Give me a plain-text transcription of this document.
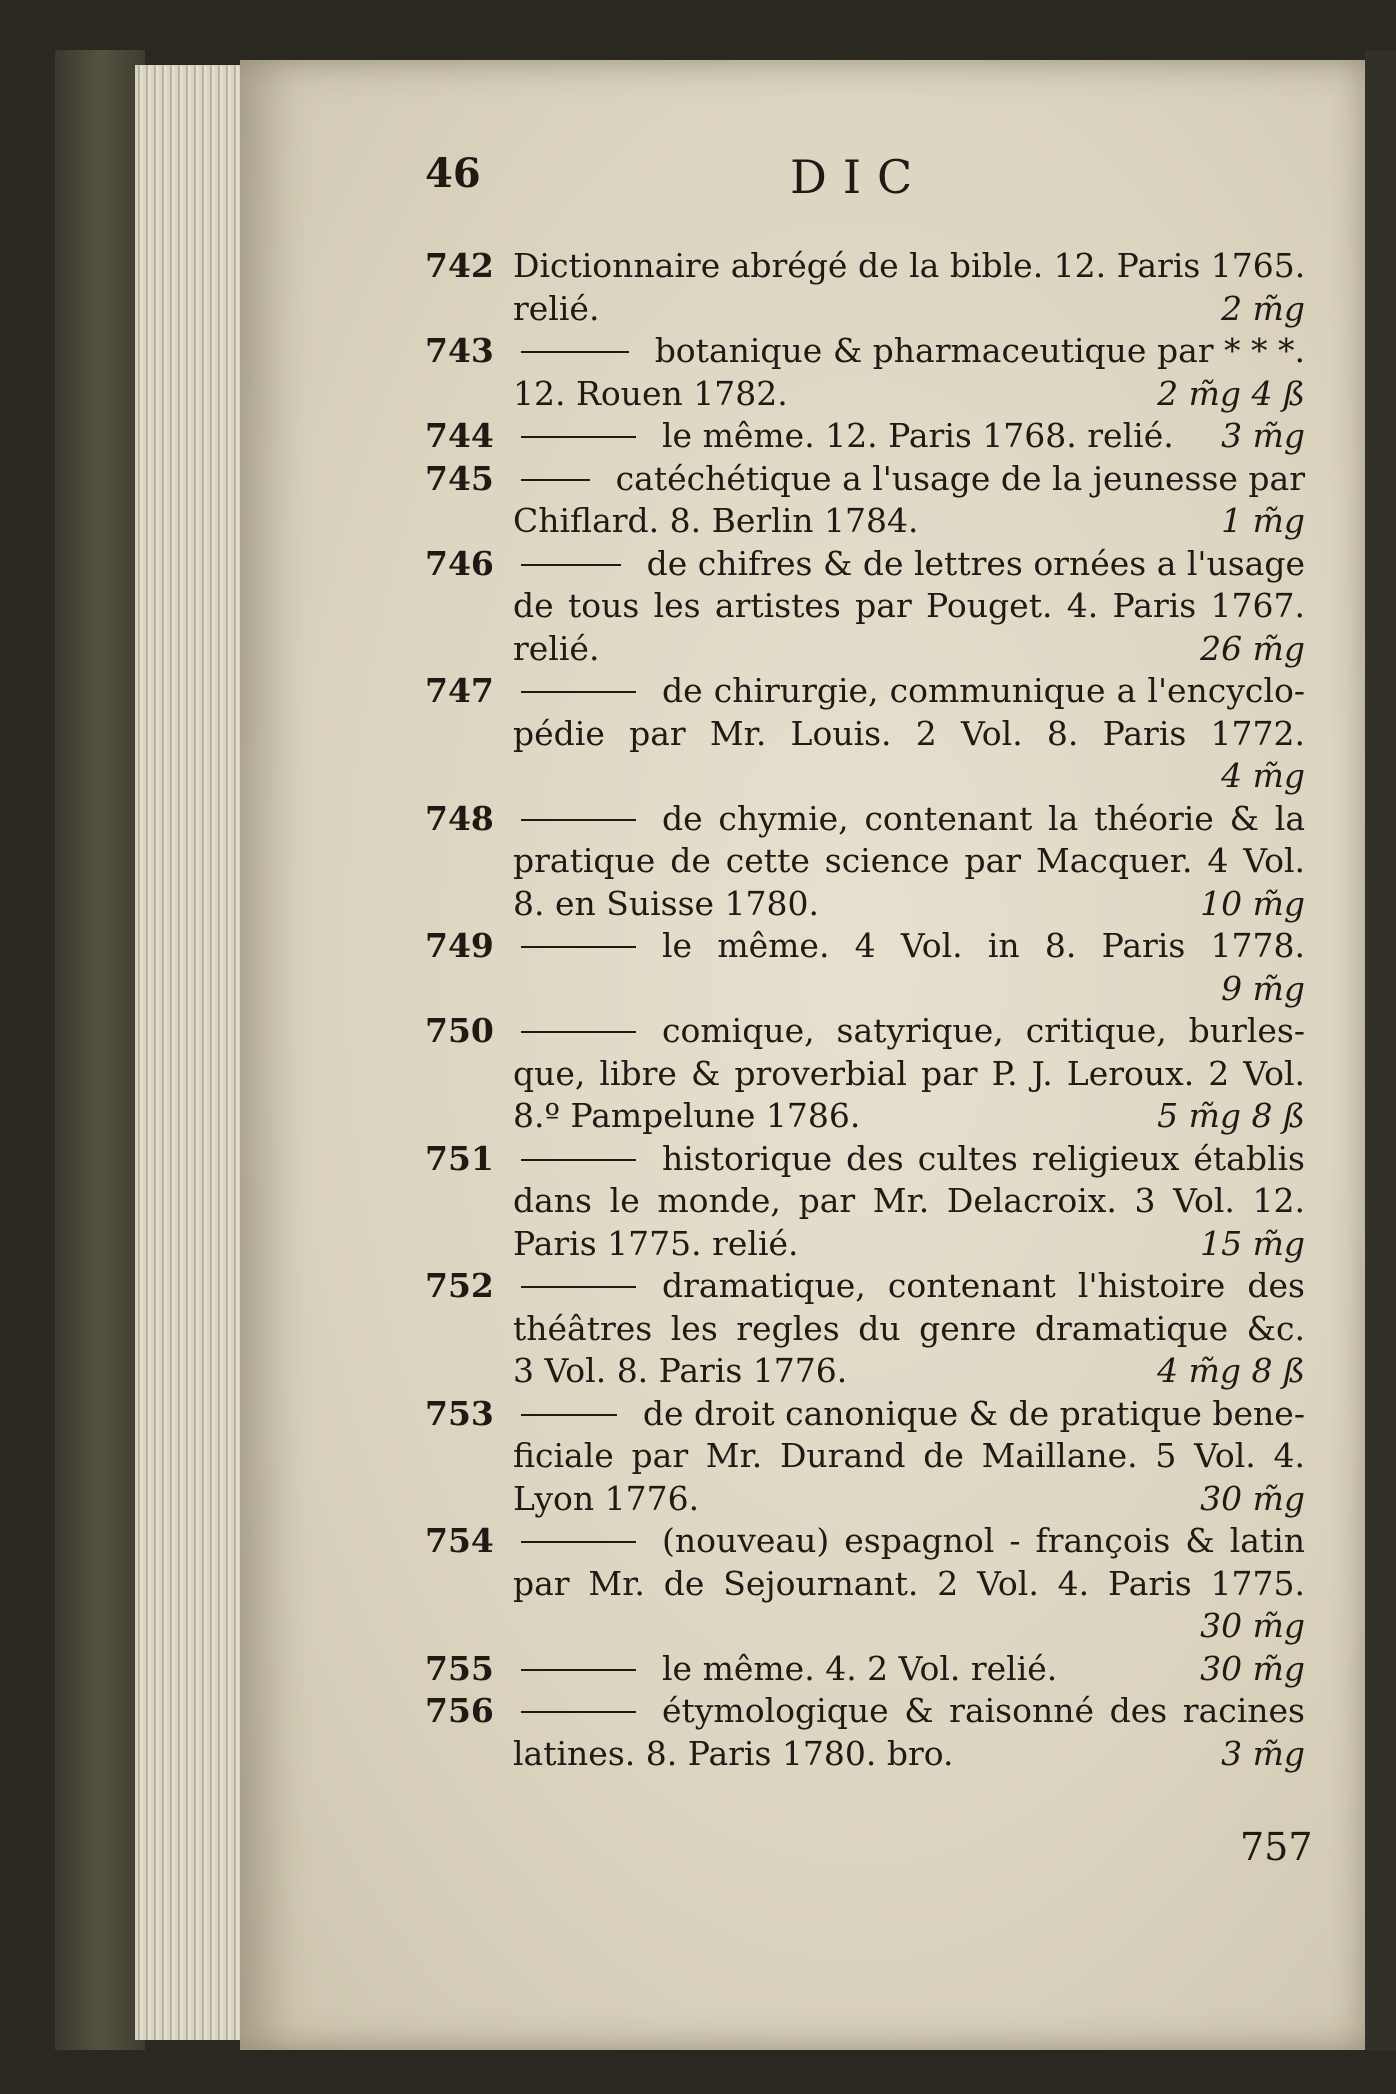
46	DIC
742 Dictionnaire abrégé de la bible. 12. Paris 1765.
relié.	2 m̃g
743	botanique & pharmaceutique par * * *.
12. Rouen 1782.	2 m̃g 4 ß
744	le même. 12. Paris 1768. relié.	3 m̃g
745	catéchétique a l'usage de la jeunesse par
Chiflard. 8. Berlin 1784.	1 m̃g
746	de chifres & de lettres ornées a l'usage
de tous les artistes par Pouget. 4. Paris 1767.
relié.	26 m̃g
747	de chirurgie, communique a l'encyclo-
pédie par Mr. Louis. 2 Vol. 8. Paris 1772.
4 m̃g
748	de chymie, contenant la théorie & la
pratique de cette science par Macquer. 4 Vol.
8. en Suisse 1780.	10 m̃g
749	le même. 4 Vol. in 8. Paris 1778.
9 m̃g
750	comique, satyrique, critique, burles-
que, libre & proverbial par P. J. Leroux. 2 Vol.
8.º Pampelune 1786.	5 m̃g 8 ß
751	historique des cultes religieux établis
dans le monde, par Mr. Delacroix. 3 Vol. 12.
Paris 1775. relié.	15 m̃g
752	dramatique, contenant l'histoire des
théâtres les regles du genre dramatique &c.
3 Vol. 8. Paris 1776.	4 m̃g 8 ß
753	de droit canonique & de pratique bene-
ficiale par Mr. Durand de Maillane. 5 Vol. 4.
Lyon 1776.	30 m̃g
754	(nouveau) espagnol - françois & latin
par Mr. de Sejournant. 2 Vol. 4. Paris 1775.
30 m̃g
755	le même. 4. 2 Vol. relié.	30 m̃g
756	étymologique & raisonné des racines
latines. 8. Paris 1780. bro.	3 m̃g
757
